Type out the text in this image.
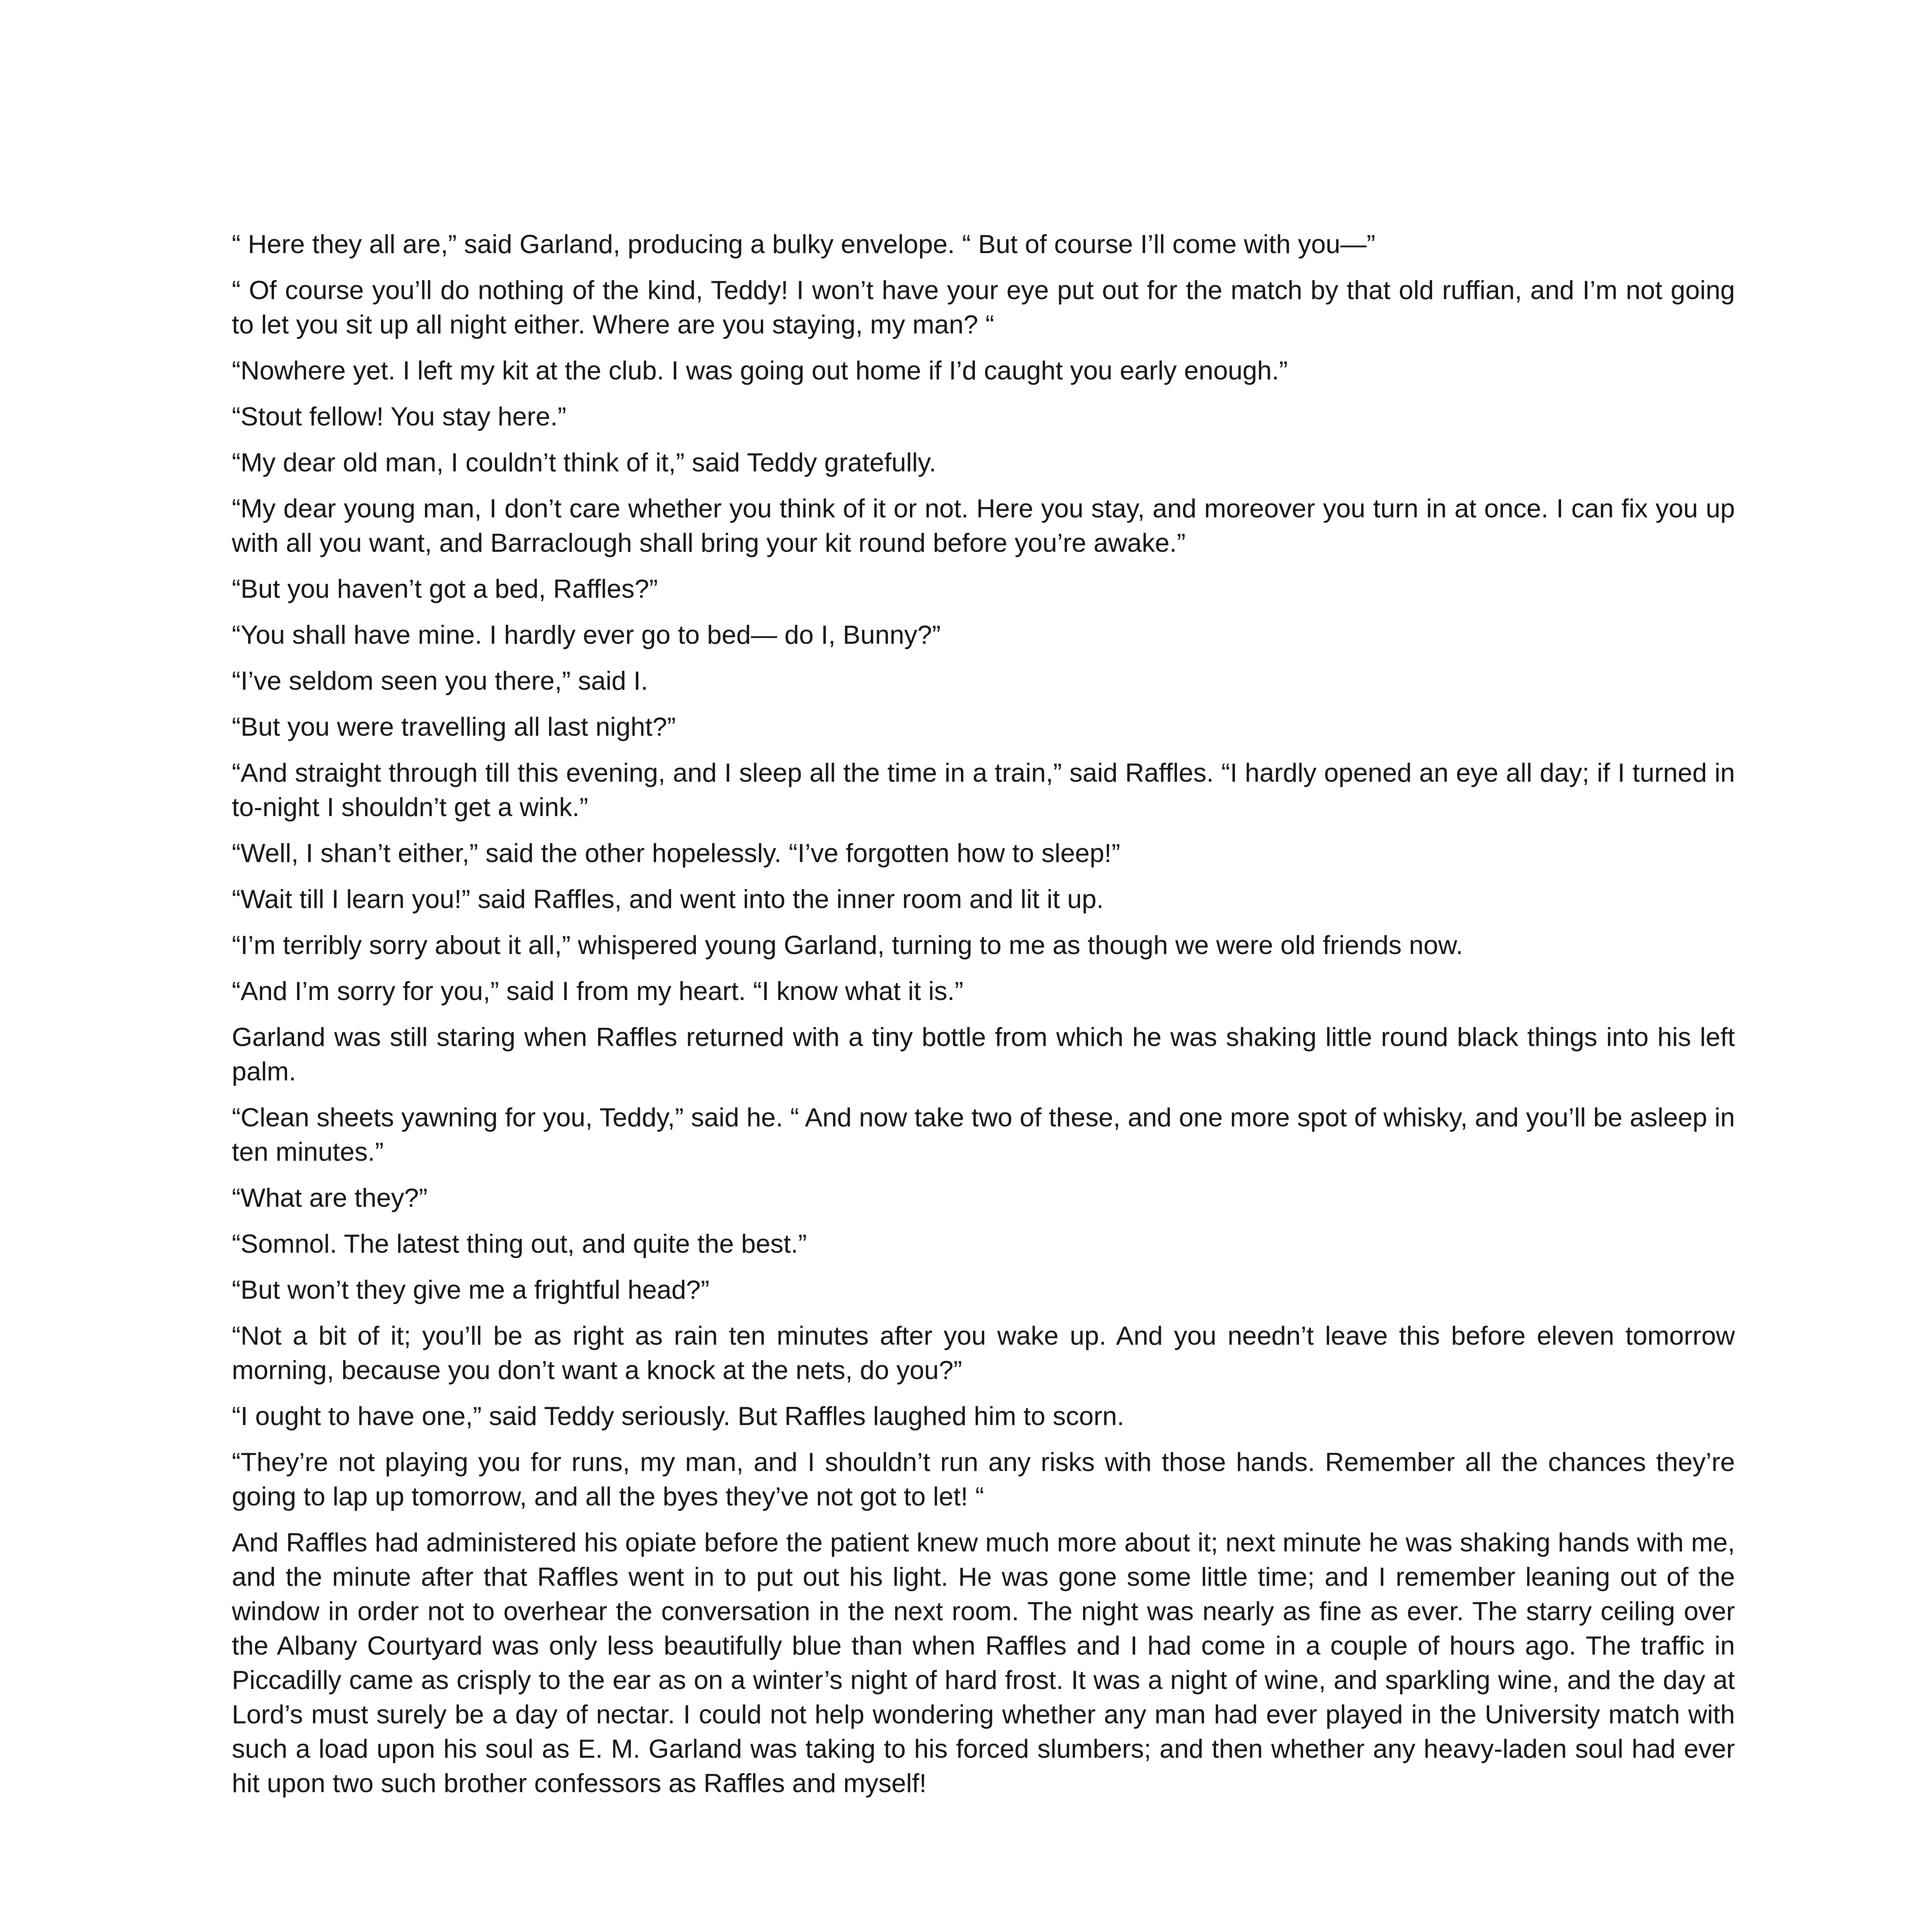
“ Here they all are,” said Garland, producing a bulky envelope. “ But of course I’ll come with you—”

“ Of course you’ll do nothing of the kind, Teddy! I won’t have your eye put out for the match by that old ruffian, and I’m not going to let you sit up all night either. Where are you staying, my man? “

“Nowhere yet. I left my kit at the club. I was going out home if I’d caught you early enough.”

“Stout fellow! You stay here.”

“My dear old man, I couldn’t think of it,” said Teddy gratefully.

“My dear young man, I don’t care whether you think of it or not. Here you stay, and moreover you turn in at once. I can fix you up with all you want, and Barraclough shall bring your kit round before you’re awake.”

“But you haven’t got a bed, Raffles?”

“You shall have mine. I hardly ever go to bed— do I, Bunny?”

“I’ve seldom seen you there,” said I.

“But you were travelling all last night?”

“And straight through till this evening, and I sleep all the time in a train,” said Raffles. “I hardly opened an eye all day; if I turned in to-night I shouldn’t get a wink.”

“Well, I shan’t either,” said the other hopelessly. “I’ve forgotten how to sleep!”

“Wait till I learn you!” said Raffles, and went into the inner room and lit it up.

“I’m terribly sorry about it all,” whispered young Garland, turning to me as though we were old friends now.

“And I’m sorry for you,” said I from my heart. “I know what it is.”

Garland was still staring when Raffles returned with a tiny bottle from which he was shaking little round black things into his left palm.

“Clean sheets yawning for you, Teddy,” said he. “ And now take two of these, and one more spot of whisky, and you’ll be asleep in ten minutes.”

“What are they?”

“Somnol. The latest thing out, and quite the best.”

“But won’t they give me a frightful head?”

“Not a bit of it; you’ll be as right as rain ten minutes after you wake up. And you needn’t leave this before eleven tomorrow morning, because you don’t want a knock at the nets, do you?”

“I ought to have one,” said Teddy seriously. But Raffles laughed him to scorn.

“They’re not playing you for runs, my man, and I shouldn’t run any risks with those hands. Remember all the chances they’re going to lap up tomorrow, and all the byes they’ve not got to let! “

And Raffles had administered his opiate before the patient knew much more about it; next minute he was shaking hands with me, and the minute after that Raffles went in to put out his light. He was gone some little time; and I remember leaning out of the window in order not to overhear the conversation in the next room. The night was nearly as fine as ever. The starry ceiling over the Albany Courtyard was only less beautifully blue than when Raffles and I had come in a couple of hours ago. The traffic in Piccadilly came as crisply to the ear as on a winter’s night of hard frost. It was a night of wine, and sparkling wine, and the day at Lord’s must surely be a day of nectar. I could not help wondering whether any man had ever played in the University match with such a load upon his soul as E. M. Garland was taking to his forced slumbers; and then whether any heavy-laden soul had ever hit upon two such brother confessors as Raffles and myself!
